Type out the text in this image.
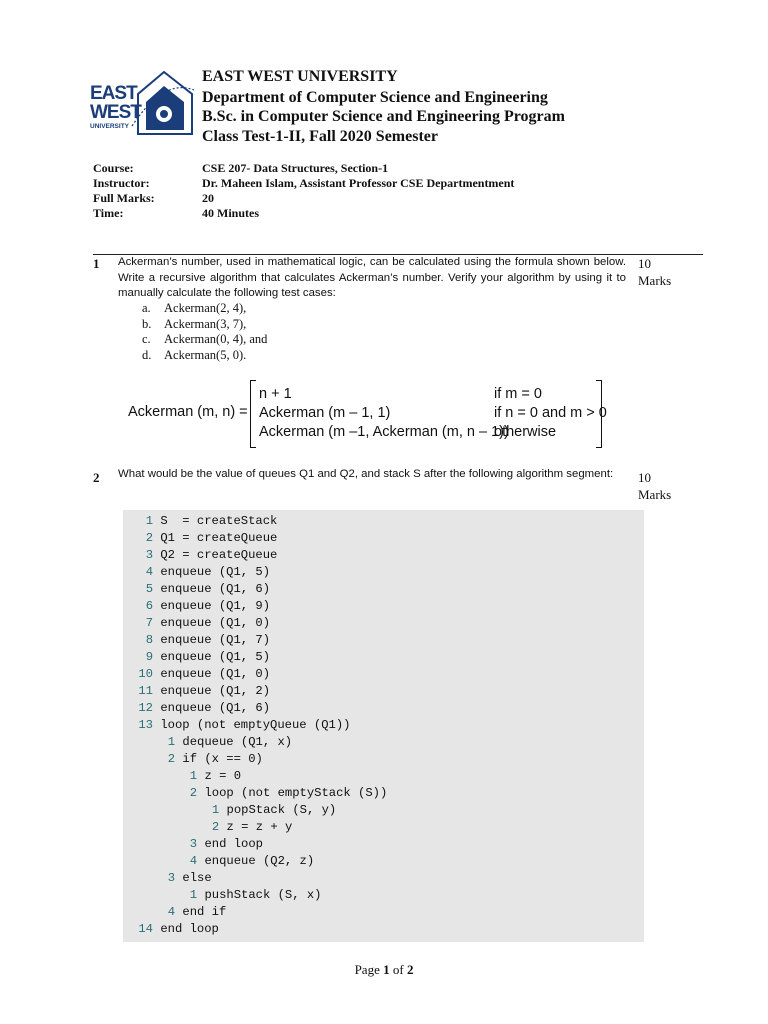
EAST
WEST
UNIVERSITY
EAST WEST UNIVERSITY
Department of Computer Science and Engineering
B.Sc. in Computer Science and Engineering Program
Class Test-1-II, Fall 2020 Semester
Course:	CSE 207- Data Structures, Section-1
Instructor:	Dr. Maheen Islam, Assistant Professor CSE Departmentment
Full Marks:	20
Time:	40 Minutes
1 Ackerman’s number, used in mathematical logic, can be calculated using the formula shown below. Write a recursive algorithm that calculates Ackerman’s number. Verify your algorithm by using it to manually calculate the following test cases:
10
Marks
a. Ackerman(2, 4),
b. Ackerman(3, 7),
c. Ackerman(0, 4), and
d. Ackerman(5, 0).
Ackerman (m, n) =
n + 1	if m = 0
Ackerman (m – 1, 1)	if n = 0 and m > 0
Ackerman (m –1, Ackerman (m, n – 1))
otherwise
2 What would be the value of queues Q1 and Q2, and stack S after the following algorithm segment:	10
Marks
1 S  = createStack
2 Q1 = createQueue
3 Q2 = createQueue
4 enqueue (Q1, 5)
5 enqueue (Q1, 6)
6 enqueue (Q1, 9)
7 enqueue (Q1, 0)
8 enqueue (Q1, 7)
9 enqueue (Q1, 5)
10 enqueue (Q1, 0)
11 enqueue (Q1, 2)
12 enqueue (Q1, 6)
13 loop (not emptyQueue (Q1))
1 dequeue (Q1, x)
2 if (x == 0)
1 z = 0
2 loop (not emptyStack (S))
1 popStack (S, y)
2 z = z + y
3 end loop
4 enqueue (Q2, z)
3 else
1 pushStack (S, x)
4 end if
14 end loop
Page 1 of 2
